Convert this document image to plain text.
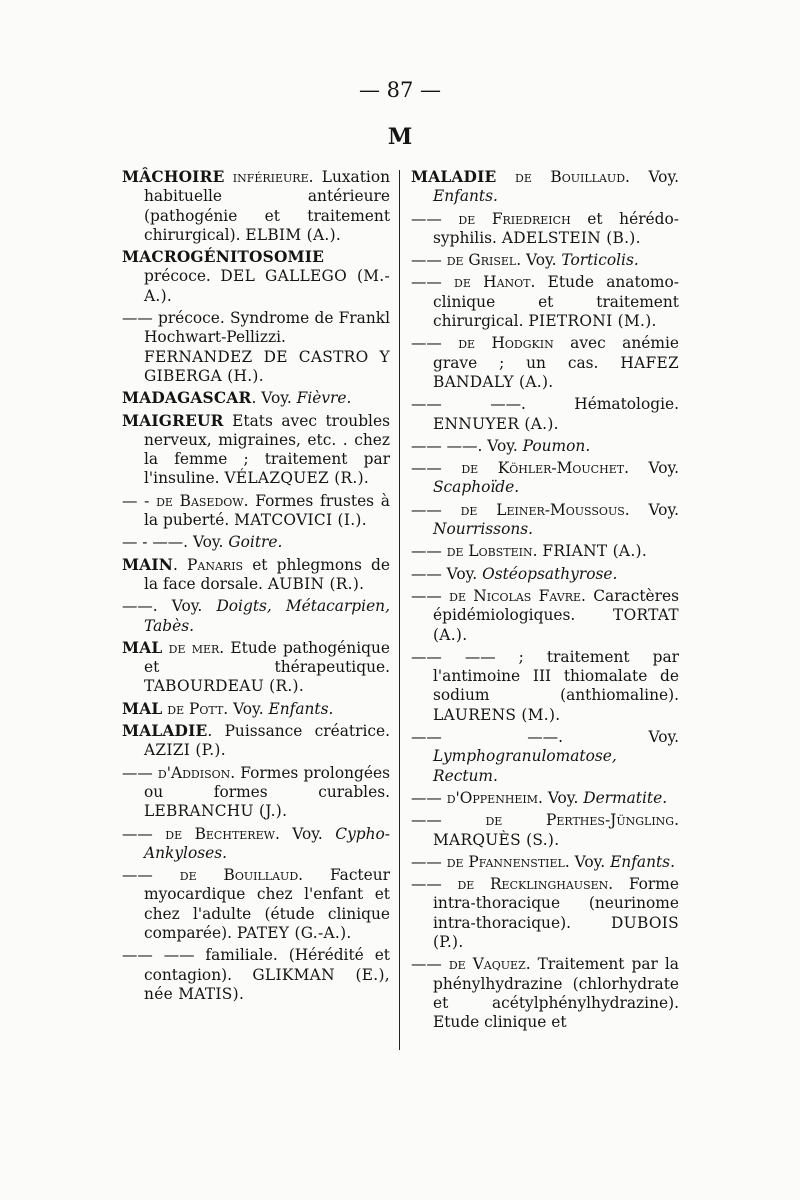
— 87 —
M

MÂCHOIRE inférieure. Luxation habituelle antérieure (pathogénie et traitement chirurgical). ELBIM (A.).

MACROGÉNITOSOMIE précoce. DEL GALLEGO (M.-A.).

—— précoce. Syndrome de Frankl Hochwart-Pellizzi. FERNANDEZ DE CASTRO Y GIBERGA (H.).

MADAGASCAR. Voy. Fièvre.

MAIGREUR Etats avec troubles nerveux, migraines, etc. . chez la femme ; traitement par l'insuline. VÉLAZQUEZ (R.).

— - de Basedow. Formes frustes à la puberté. MATCOVICI (I.).

— - ——. Voy. Goitre.

MAIN. Panaris et phlegmons de la face dorsale. AUBIN (R.).

——. Voy. Doigts, Métacarpien, Tabès.

MAL de mer. Etude pathogénique et thérapeutique. TABOURDEAU (R.).

MAL de Pott. Voy. Enfants.

MALADIE. Puissance créatrice. AZIZI (P.).

—— d'Addison. Formes prolongées ou formes curables. LEBRANCHU (J.).

—— de Bechterew. Voy. Cypho-Ankyloses.

—— de Bouillaud. Facteur myocardique chez l'enfant et chez l'adulte (étude clinique comparée). PATEY (G.-A.).

—— —— familiale. (Hérédité et contagion). GLIKMAN (E.), née MATIS).

MALADIE de Bouillaud. Voy. Enfants.

—— de Friedreich et hérédo-syphilis. ADELSTEIN (B.).

—— de Grisel. Voy. Torticolis.

—— de Hanot. Etude anatomo-clinique et traitement chirurgical. PIETRONI (M.).

—— de Hodgkin avec anémie grave ; un cas. HAFEZ BANDALY (A.).

—— ——. Hématologie. ENNUYER (A.).

—— ——. Voy. Poumon.

—— de Köhler-Mouchet. Voy. Scaphoïde.

—— de Leiner-Moussous. Voy. Nourrissons.

—— de Lobstein. FRIANT (A.).

—— Voy. Ostéopsathyrose.

—— de Nicolas Favre. Caractères épidémiologiques. TORTAT (A.).

—— —— ; traitement par l'antimoine III thiomalate de sodium (anthiomaline). LAURENS (M.).

—— ——. Voy. Lymphogranulomatose, Rectum.

—— d'Oppenheim. Voy. Dermatite.

—— de Perthes-Jüngling. MARQUÈS (S.).

—— de Pfannenstiel. Voy. Enfants.

—— de Recklinghausen. Forme intra-thoracique (neurinome intra-thoracique). DUBOIS (P.).

—— de Vaquez. Traitement par la phénylhydrazine (chlorhydrate et acétylphénylhydrazine). Etude clinique et
